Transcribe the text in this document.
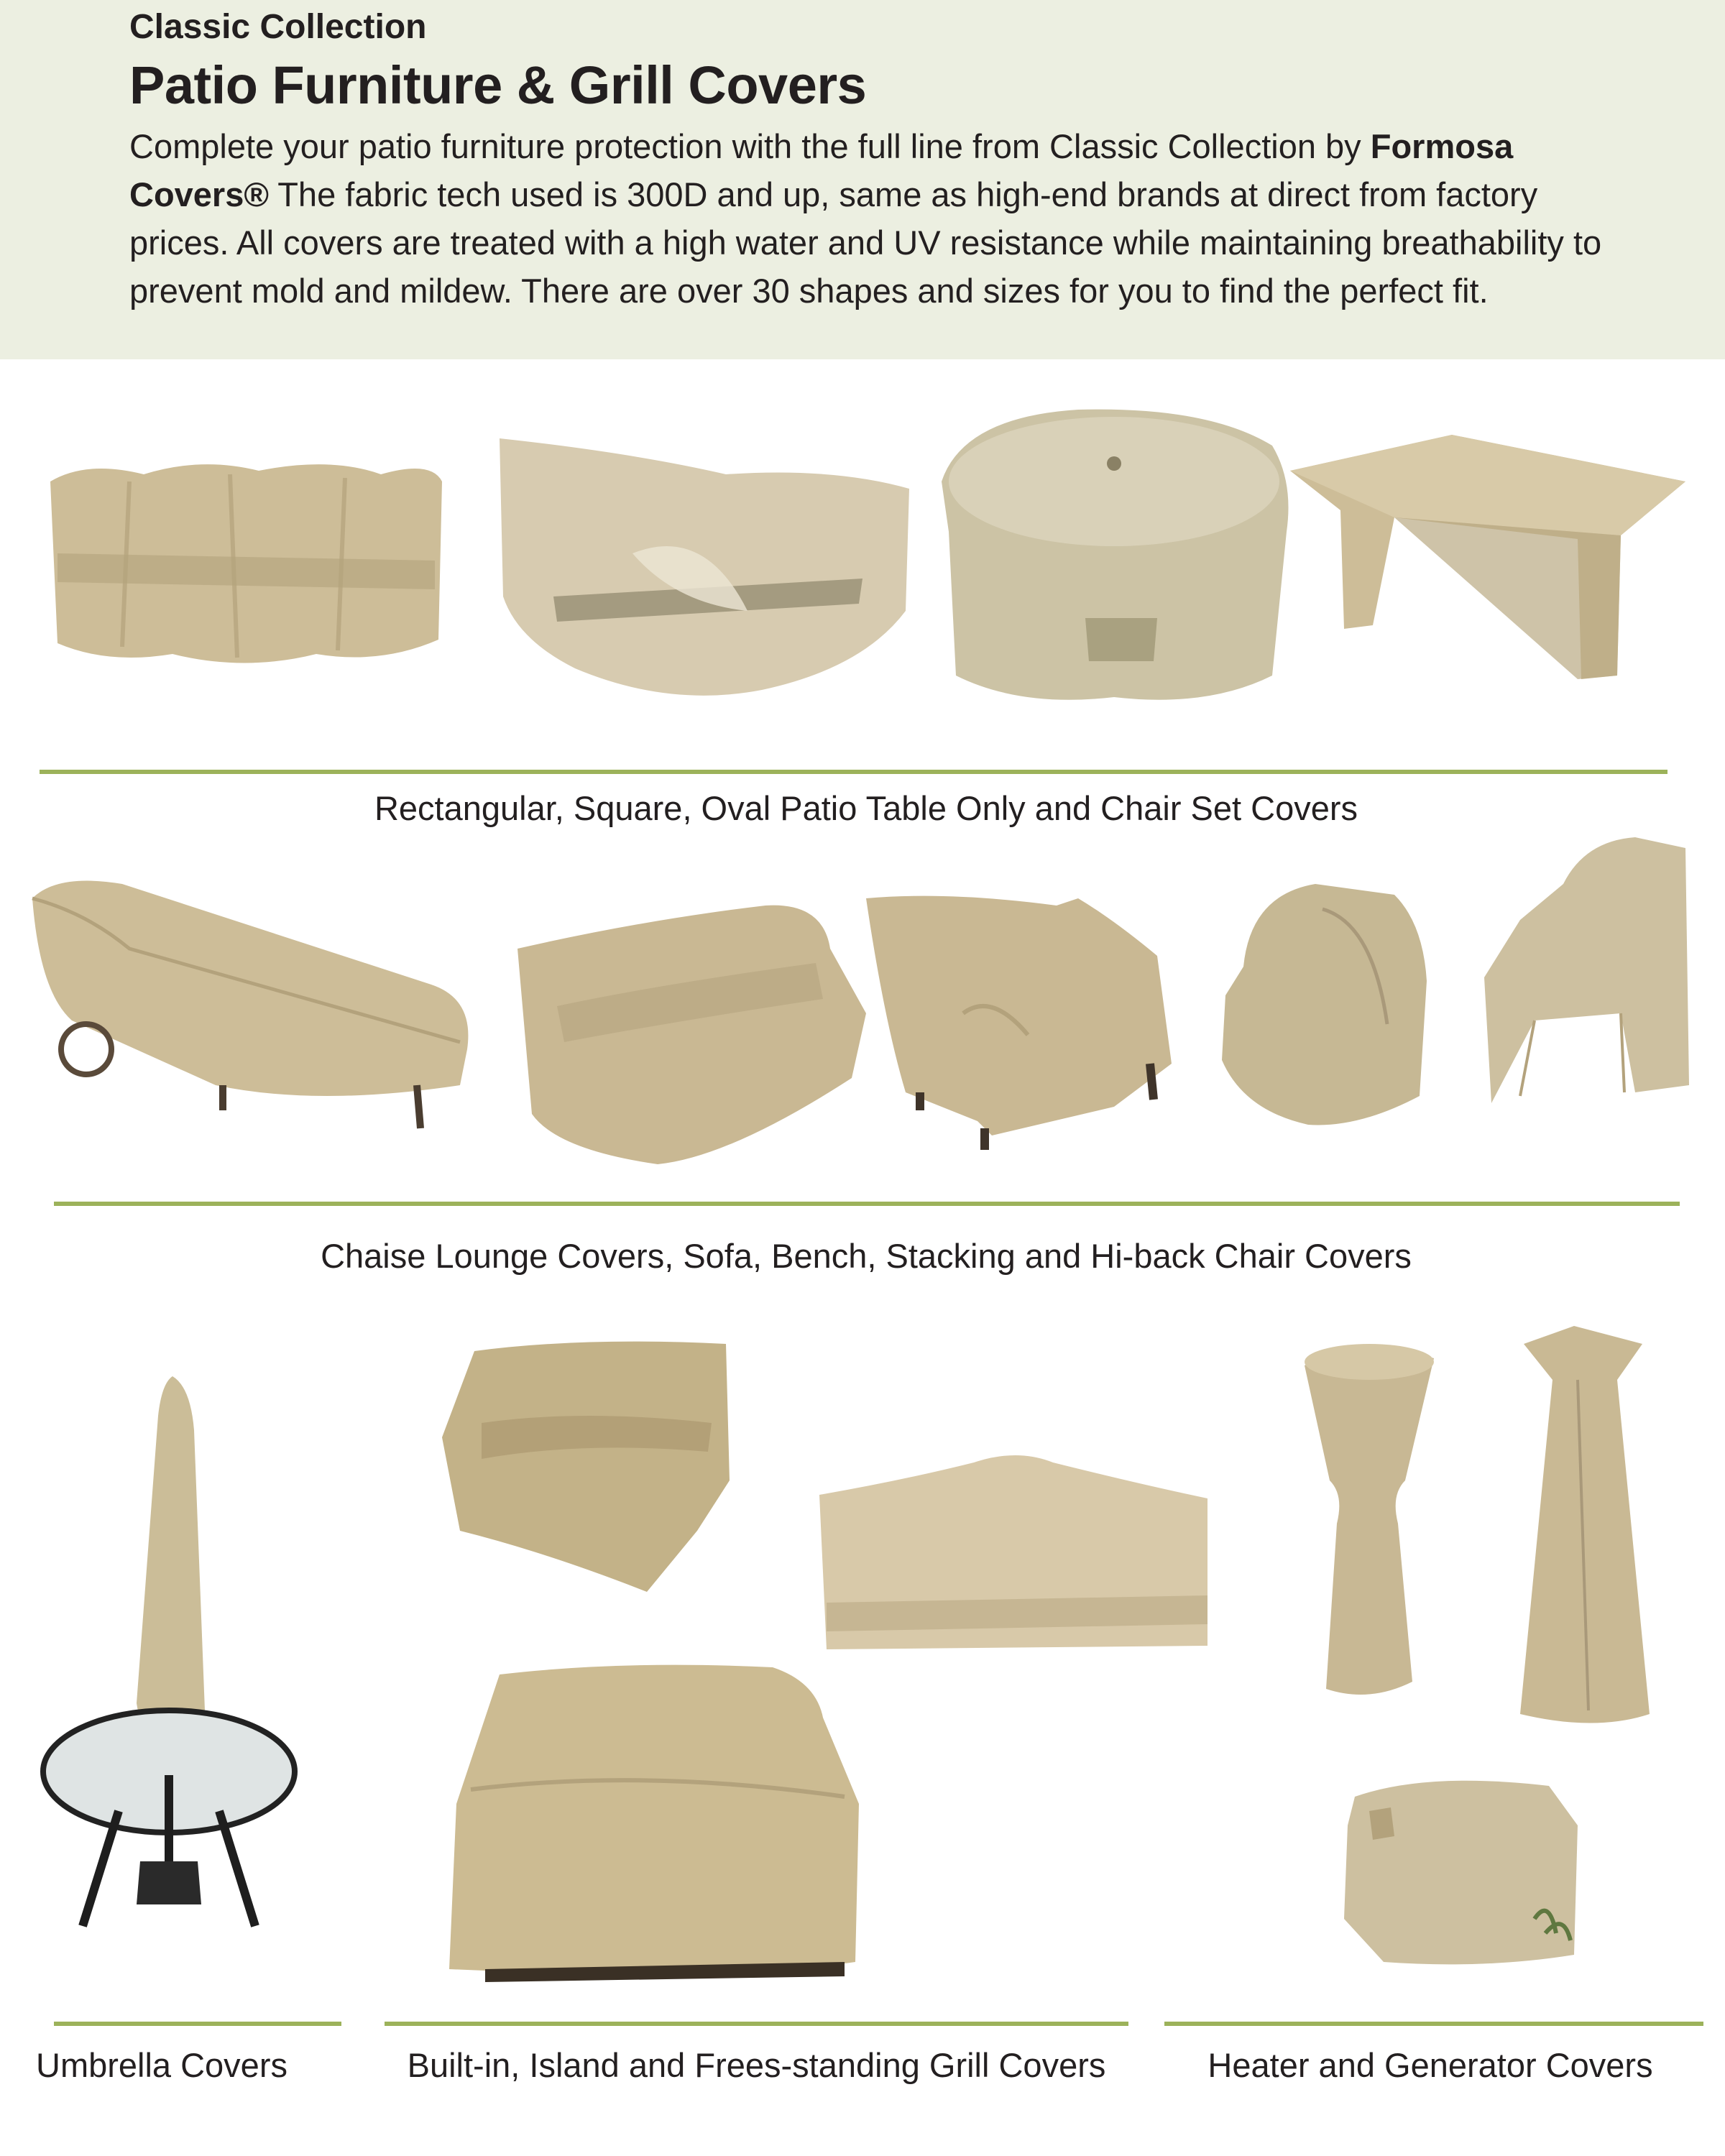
Classic Collection
Patio Furniture & Grill Covers
Complete your patio furniture protection with the full line from Classic Collection by Formosa Covers® The fabric tech used is 300D and up, same as high-end brands at direct from factory prices. All covers are treated with a high water and UV resistance while maintaining breathability to prevent mold and mildew. There are over 30 shapes and sizes for you to find the perfect fit.
Rectangular, Square, Oval Patio Table Only and Chair Set Covers
Chaise Lounge Covers, Sofa, Bench, Stacking and Hi-back Chair Covers
Umbrella Covers	Built-in, Island and Frees-standing Grill Covers	Heater and Generator Covers
